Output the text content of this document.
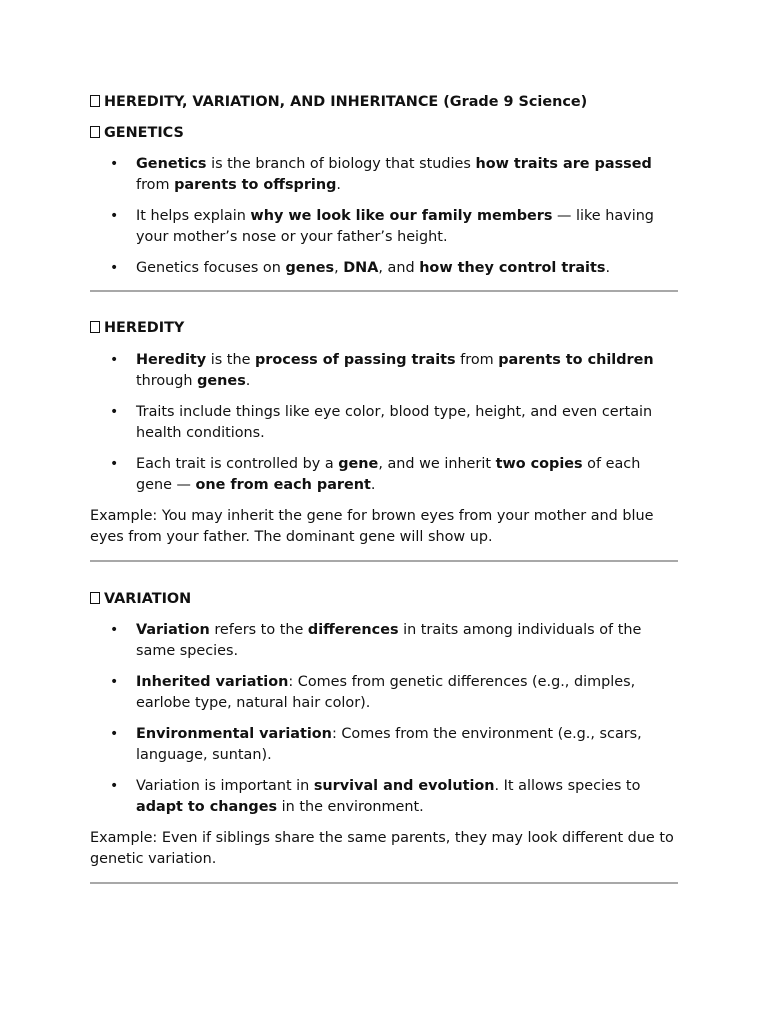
HEREDITY, VARIATION, AND INHERITANCE (Grade 9 Science)

GENETICS

• Genetics is the branch of biology that studies how traits are passed from parents to offspring.
• It helps explain why we look like our family members — like having your mother’s nose or your father’s height.
• Genetics focuses on genes, DNA, and how they control traits.

HEREDITY

• Heredity is the process of passing traits from parents to children through genes.
• Traits include things like eye color, blood type, height, and even certain health conditions.
• Each trait is controlled by a gene, and we inherit two copies of each gene — one from each parent.

Example: You may inherit the gene for brown eyes from your mother and blue eyes from your father. The dominant gene will show up.

VARIATION

• Variation refers to the differences in traits among individuals of the same species.
• Inherited variation: Comes from genetic differences (e.g., dimples, earlobe type, natural hair color).
• Environmental variation: Comes from the environment (e.g., scars, language, suntan).
• Variation is important in survival and evolution. It allows species to adapt to changes in the environment.

Example: Even if siblings share the same parents, they may look different due to genetic variation.
